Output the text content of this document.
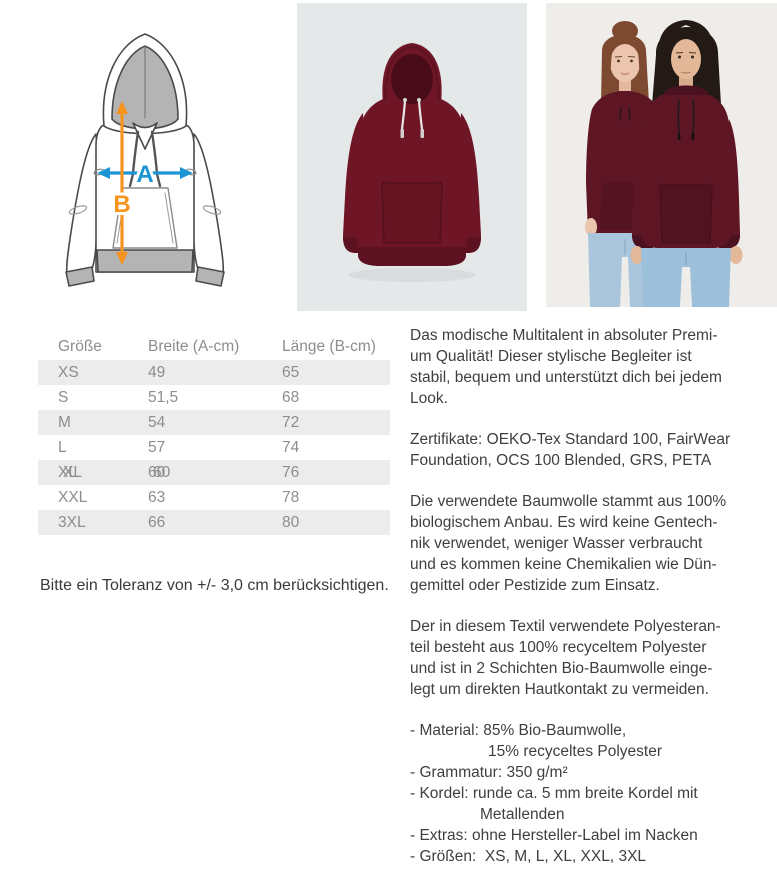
A
B
Größe	Breite (A-cm)	Länge (B-cm)
XS	49	65
S	51,5	68
M	54	72
L	57	74
XL	60	76
XXL	63	78
3XL	66	80
Bitte ein Toleranz von +/- 3,0 cm berücksichtigen.
Das modische Multitalent in absoluter Premi-
um Qualität! Dieser stylische Begleiter ist
stabil, bequem und unterstützt dich bei jedem
Look.
Zertifikate: OEKO-Tex Standard 100, FairWear
Foundation, OCS 100 Blended, GRS, PETA
Die verwendete Baumwolle stammt aus 100%
biologischem Anbau. Es wird keine Gentech-
nik verwendet, weniger Wasser verbraucht
und es kommen keine Chemikalien wie Dün-
gemittel oder Pestizide zum Einsatz.
Der in diesem Textil verwendete Polyesteran-
teil besteht aus 100% recyceltem Polyester
und ist in 2 Schichten Bio-Baumwolle einge-
legt um direkten Hautkontakt zu vermeiden.
- Material: 85% Bio-Baumwolle,
15% recyceltes Polyester
- Grammatur: 350 g/m²
- Kordel: runde ca. 5 mm breite Kordel mit
Metallenden
- Extras: ohne Hersteller-Label im Nacken
- Größen:  XS, M, L, XL, XXL, 3XL
